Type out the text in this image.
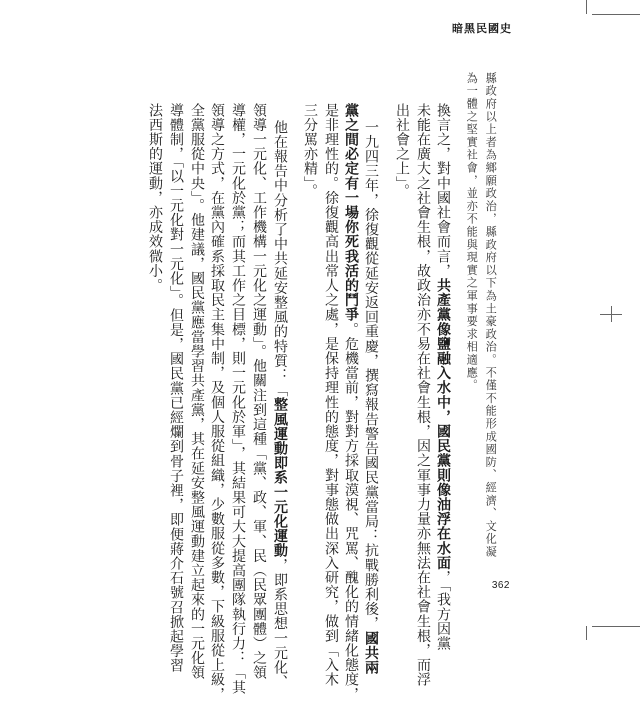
暗黑民國史
縣政府以上者為鄉願政治，縣政府以下為土豪政治。不僅不能形成國防、經濟、文化凝
為一體之堅實社會，並亦不能與現實之軍事要求相適應。
換言之，對中國社會而言，共產黨像鹽融入水中，國民黨則像油浮在水面，「我方因黨
未能在廣大之社會生根，故政治亦不易在社會生根，因之軍事力量亦無法在社會生根，而浮
出社會之上」。
一九四三年，徐復觀從延安返回重慶，撰寫報告警告國民黨當局：抗戰勝利後，國共兩
黨之間必定有一場你死我活的鬥爭。危機當前，對對方採取漠視、咒罵、醜化的情緒化態度，
是非理性的。徐復觀高出常人之處，是保持理性的態度，對事態做出深入研究，做到「入木
三分罵亦精」。
他在報告中分析了中共延安整風的特質：「整風運動即系一元化運動，即系思想一元化、
領導一元化、工作機構一元化之運動」。他關注到這種「黨、政、軍、民（民眾團體）之領
導權，一元化於黨；而其工作之目標，則一元化於軍」，其結果可大大提高團隊執行力：「其
領導之方式，在黨內確系採取民主集中制，及個人服從組織，少數服從多數，下級服從上級，
全黨服從中央」。他建議，國民黨應當學習共產黨，其在延安整風運動建立起來的一元化領
導體制，「以一元化對一元化」。但是，國民黨已經爛到骨子裡，即便蔣介石號召掀起學習
法西斯的運動，亦成效微小。
362
